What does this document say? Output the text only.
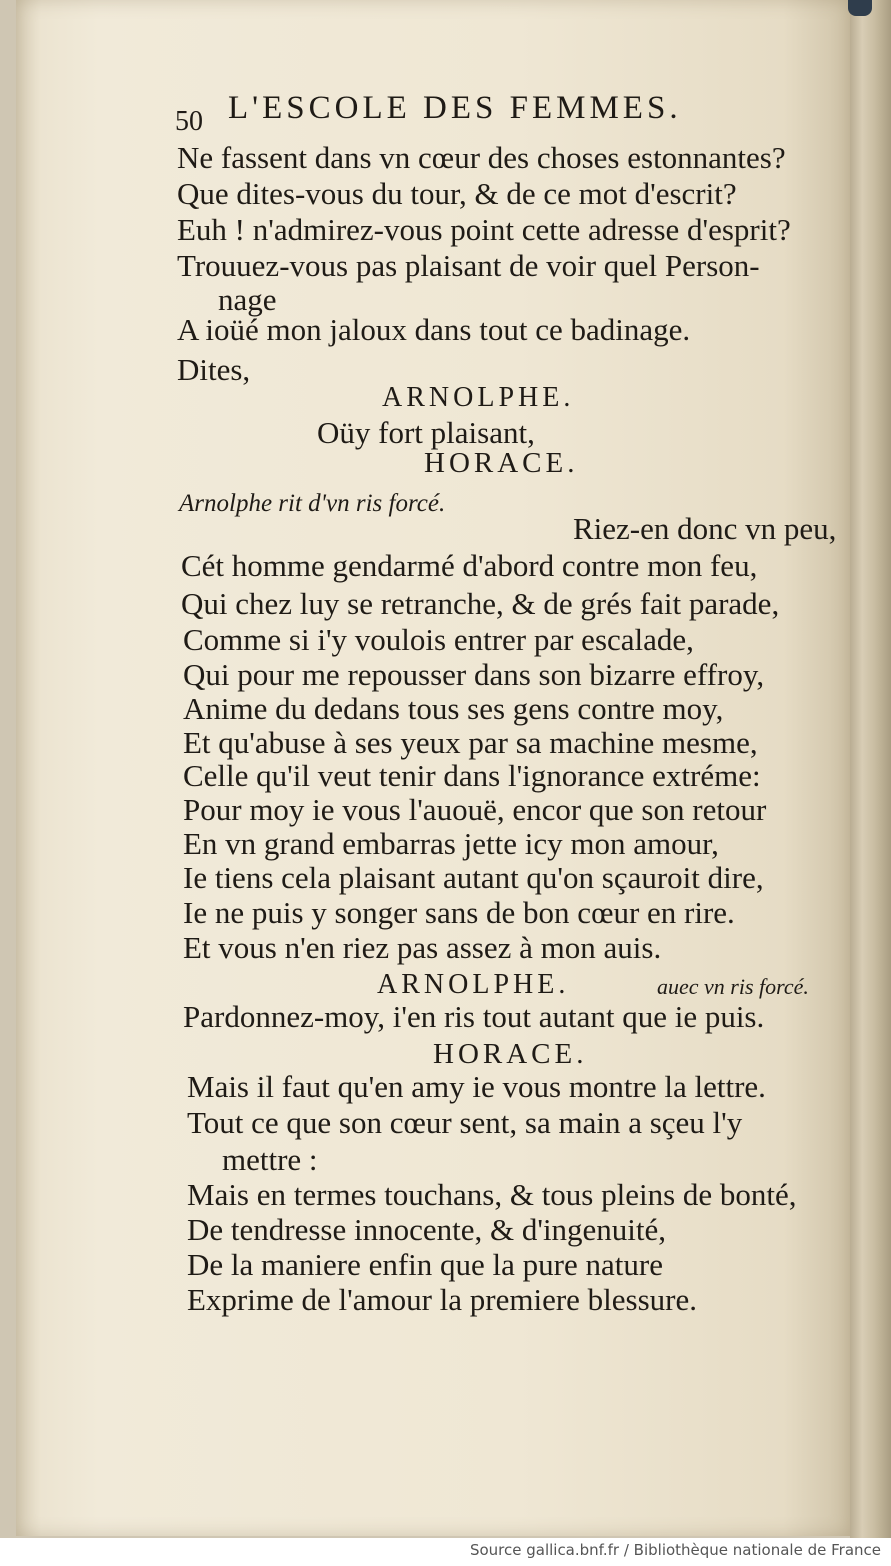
50 L'ESCOLE DES FEMMES.
Ne fassent dans vn cœur des choses estonnantes?
Que dites-vous du tour, & de ce mot d'escrit?
Euh ! n'admirez-vous point cette adresse d'esprit?
Trouuez-vous pas plaisant de voir quel Person-
nage
A ioüé mon jaloux dans tout ce badinage.
Dites,
ARNOLPHE.
Oüy fort plaisant,
HORACE.
Arnolphe rit d'vn ris forcé.
Riez-en donc vn peu,
Cét homme gendarmé d'abord contre mon feu,
Qui chez luy se retranche, & de grés fait parade,
Comme si i'y voulois entrer par escalade,
Qui pour me repousser dans son bizarre effroy,
Anime du dedans tous ses gens contre moy,
Et qu'abuse à ses yeux par sa machine mesme,
Celle qu'il veut tenir dans l'ignorance extréme:
Pour moy ie vous l'auouë, encor que son retour
En vn grand embarras jette icy mon amour,
Ie tiens cela plaisant autant qu'on sçauroit dire,
Ie ne puis y songer sans de bon cœur en rire.
Et vous n'en riez pas assez à mon auis.
ARNOLPHE.	auec vn ris forcé.
Pardonnez-moy, i'en ris tout autant que ie puis.
HORACE.
Mais il faut qu'en amy ie vous montre la lettre.
Tout ce que son cœur sent, sa main a sçeu l'y
mettre :
Mais en termes touchans, & tous pleins de bonté,
De tendresse innocente, & d'ingenuité,
De la maniere enfin que la pure nature
Exprime de l'amour la premiere blessure.
Source gallica.bnf.fr / Bibliothèque nationale de France
